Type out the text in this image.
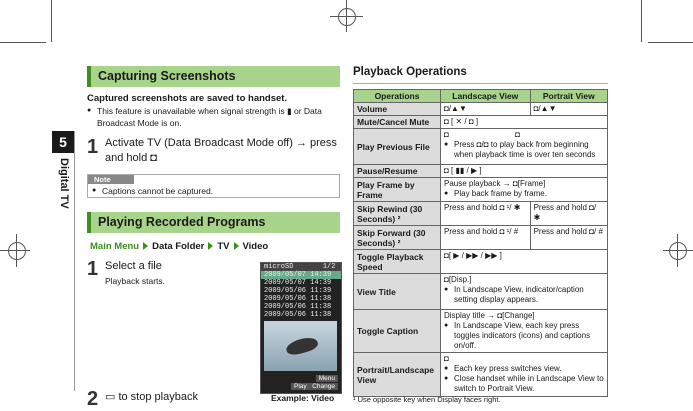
5
Digital TV
Capturing Screenshots
Captured screenshots are saved to handset.
● This feature is unavailable when signal strength is ▮ or Data Broadcast Mode is on.
1 Activate TV (Data Broadcast Mode off) → press and hold ◘
Note
● Captions cannot be captured.
Playing Recorded Programs
Main Menu Data Folder TV Video
1 Select a file
Playback starts.
2 ▭ to stop playback
microSD	1/2
2009/05/07 14:39
2009/05/07 14:39
2009/05/06 11:39
2009/05/06 11:38
2009/05/06 11:38
2009/05/06 11:38
Play
Menu
Change
Example: Video
Playback Operations
Operations	Landscape View	Portrait View
Volume	◘/▲▼	◘/▲▼
Mute/Cancel Mute	◘ [ ✕ / ◘ ]	
Play Previous File	◘ ◘
● Press ◘/◘ to play back from beginning when playback time is over ten seconds

Pause/Resume	◘ [ ▮▮ / ▶ ]	
Play Frame by Frame	Pause playback → ◘[Frame]
● Play back frame by frame.

Skip Rewind (30 Seconds) ²	Press and hold ◘ ¹/ ✱	Press and hold ◘/ ✱
Skip Forward (30 Seconds) ²	Press and hold ◘ ¹/ #	Press and hold ◘/ #
Toggle Playback Speed	◘[ ▶ / ▶▶ / ▶▶ ]	
View Title	◘[Disp.]
● In Landscape View, indicator/caption setting display appears.

Toggle Caption	Display title → ◘[Change]
● In Landscape View, each key press toggles indicators (icons) and captions on/off.

Portrait/Landscape View	◘
● Each key press switches view.
● Close handset while in Landscape View to switch to Portrait View.
¹ Use opposite key when Display faces right.
